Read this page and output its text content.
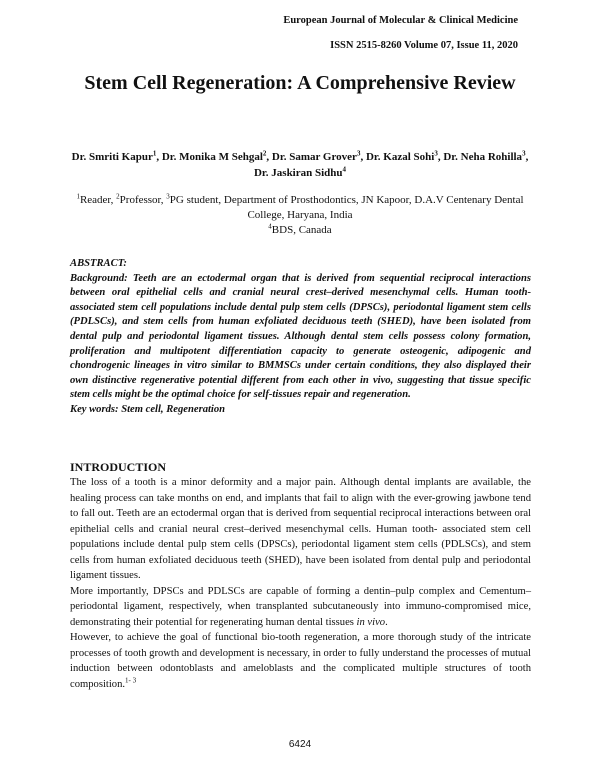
European Journal of Molecular & Clinical Medicine
ISSN 2515-8260 Volume 07, Issue 11, 2020
Stem Cell Regeneration: A Comprehensive Review
Dr. Smriti Kapur$^1$, Dr. Monika M Sehgal$^2$, Dr. Samar Grover$^3$, Dr. Kazal Sohi$^3$, Dr. Neha Rohilla$^3$, Dr. Jaskiran Sidhu$^4$
$^1$Reader, $^2$Professor, $^3$PG student, Department of Prosthodontics, JN Kapoor, D.A.V Centenary Dental College, Haryana, India
$^4$BDS, Canada

ABSTRACT:

Background: Teeth are an ectodermal organ that is derived from sequential reciprocal interactions between oral epithelial cells and cranial neural crest–derived mesenchymal cells. Human tooth- associated stem cell populations include dental pulp stem cells (DPSCs), periodontal ligament stem cells (PDLSCs), and stem cells from human exfoliated deciduous teeth (SHED), have been isolated from dental pulp and periodontal ligament tissues. Although dental stem cells possess colony formation, proliferation and multipotent differentiation capacity to generate osteogenic, adipogenic and chondrogenic lineages in vitro similar to BMMSCs under certain conditions, they also displayed their own distinctive regenerative potential different from each other in vivo, suggesting that tissue specific stem cells might be the optimal choice for self-tissues repair and regeneration.

Key words: Stem cell, Regeneration

INTRODUCTION

The loss of a tooth is a minor deformity and a major pain. Although dental implants are available, the healing process can take months on end, and implants that fail to align with the ever-growing jawbone tend to fall out. Teeth are an ectodermal organ that is derived from sequential reciprocal interactions between oral epithelial cells and cranial neural crest–derived mesenchymal cells. Human tooth- associated stem cell populations include dental pulp stem cells (DPSCs), periodontal ligament stem cells (PDLSCs), and stem cells from human exfoliated deciduous teeth (SHED), have been isolated from dental pulp and periodontal ligament tissues.

More importantly, DPSCs and PDLSCs are capable of forming a dentin–pulp complex and Cementum–periodontal ligament, respectively, when transplanted subcutaneously into immuno-compromised mice, demonstrating their potential for regenerating human dental tissues in vivo.

However, to achieve the goal of functional bio-tooth regeneration, a more thorough study of the intricate processes of tooth growth and development is necessary, in order to fully understand the processes of mutual induction between odontoblasts and ameloblasts and the complicated multiple structures of tooth composition.$^{1- 3}$

6424
